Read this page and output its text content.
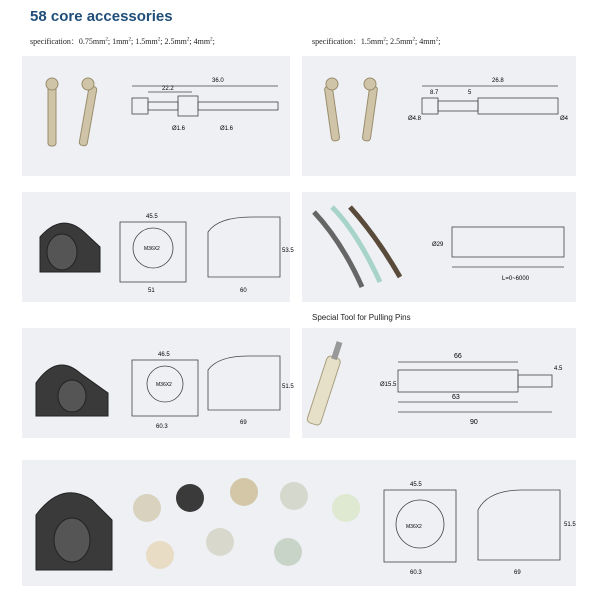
58 core accessories
specification：$0.75mm^2$; $1mm^2$; $1.5mm^2$; $2.5mm^2$; $4mm^2$;	specification：$1.5mm^2$; $2.5mm^2$; $4mm^2$;
36.0
22.2
Ø1.6	Ø1.6
26.8
8.7	5
Ø4
Ø4.8
45.5
51	60
53.5
M36X2
Ø29
L=0~6000
Special Tool for Pulling Pins
46.5
60.3
69
51.5
M36X2
66
63
90
Ø15.5
4.5
45.5
60.3	69
51.5
M36X2
